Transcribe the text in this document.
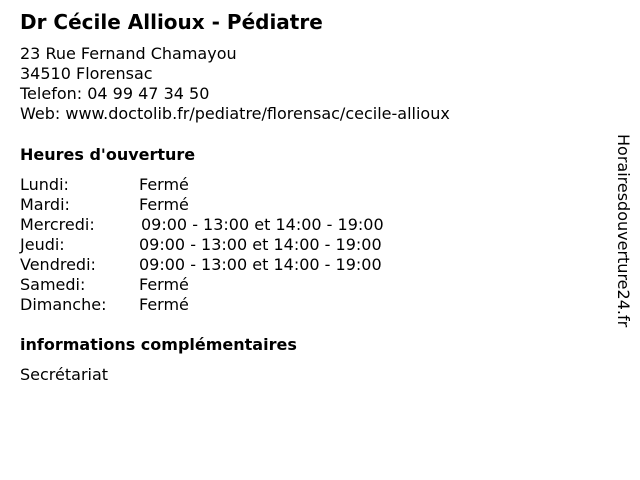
Dr Cécile Allioux - Pédiatre
23 Rue Fernand Chamayou
34510 Florensac
Telefon: 04 99 47 34 50
Web: www.doctolib.fr/pediatre/florensac/cecile-allioux
Heures d'ouverture
Lundi:	Fermé
Mardi:	Fermé
Mercredi:	09:00 - 13:00 et 14:00 - 19:00
Jeudi:	09:00 - 13:00 et 14:00 - 19:00
Vendredi:	09:00 - 13:00 et 14:00 - 19:00
Samedi:	Fermé
Dimanche: Fermé
informations complémentaires
Secrétariat
Horairesdouverture24.fr
